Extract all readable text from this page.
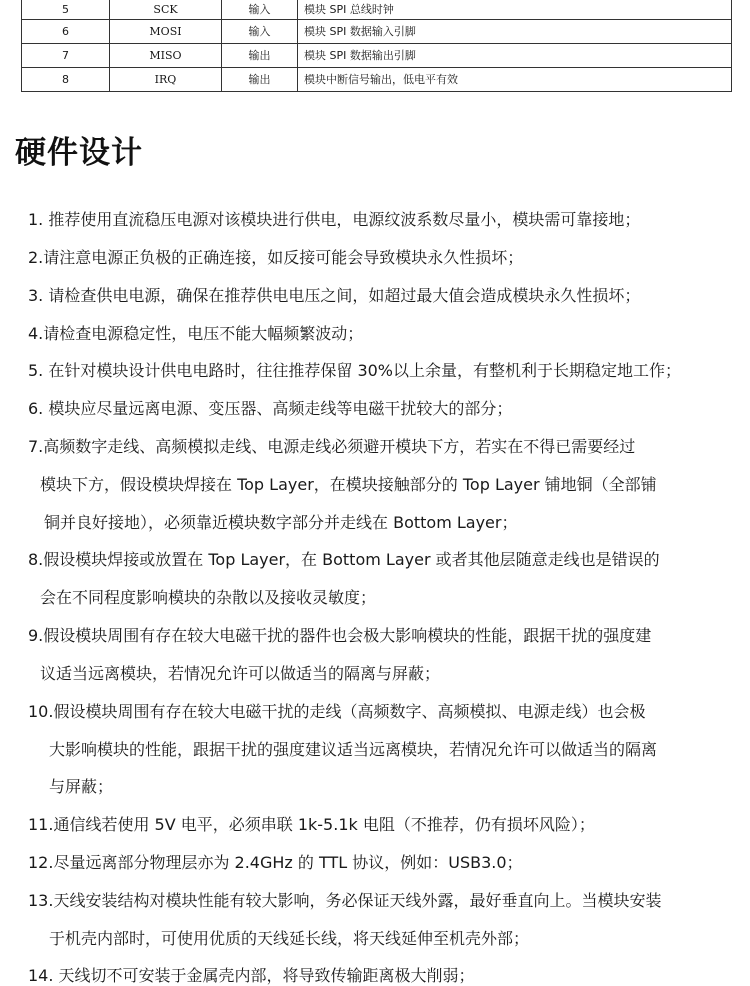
5	SCK	输入	模块 SPI 总线时钟
6	MOSI	输入	模块 SPI 数据输入引脚
7	MISO	输出	模块 SPI 数据输出引脚
8	IRQ	输出	模块中断信号输出，低电平有效
硬件设计
1. 推荐使用直流稳压电源对该模块进行供电，电源纹波系数尽量小，模块需可靠接地；
2.请注意电源正负极的正确连接，如反接可能会导致模块永久性损坏；
3. 请检查供电电源，确保在推荐供电电压之间，如超过最大值会造成模块永久性损坏；
4.请检查电源稳定性，电压不能大幅频繁波动；
5. 在针对模块设计供电电路时，往往推荐保留 30%以上余量，有整机利于长期稳定地工作；
6. 模块应尽量远离电源、变压器、高频走线等电磁干扰较大的部分；
7.高频数字走线、高频模拟走线、电源走线必须避开模块下方，若实在不得已需要经过
模块下方，假设模块焊接在 Top Layer，在模块接触部分的 Top Layer 铺地铜（全部铺
铜并良好接地），必须靠近模块数字部分并走线在 Bottom Layer；
8.假设模块焊接或放置在 Top Layer，在 Bottom Layer 或者其他层随意走线也是错误的
会在不同程度影响模块的杂散以及接收灵敏度；
9.假设模块周围有存在较大电磁干扰的器件也会极大影响模块的性能，跟据干扰的强度建
议适当远离模块，若情况允许可以做适当的隔离与屏蔽；
10.假设模块周围有存在较大电磁干扰的走线（高频数字、高频模拟、电源走线）也会极
大影响模块的性能，跟据干扰的强度建议适当远离模块，若情况允许可以做适当的隔离
与屏蔽；
11.通信线若使用 5V 电平，必须串联 1k-5.1k 电阻（不推荐，仍有损坏风险）；
12.尽量远离部分物理层亦为 2.4GHz 的 TTL 协议，例如：USB3.0；
13.天线安装结构对模块性能有较大影响，务必保证天线外露，最好垂直向上。当模块安装
于机壳内部时，可使用优质的天线延长线，将天线延伸至机壳外部；
14. 天线切不可安装于金属壳内部，将导致传输距离极大削弱；
